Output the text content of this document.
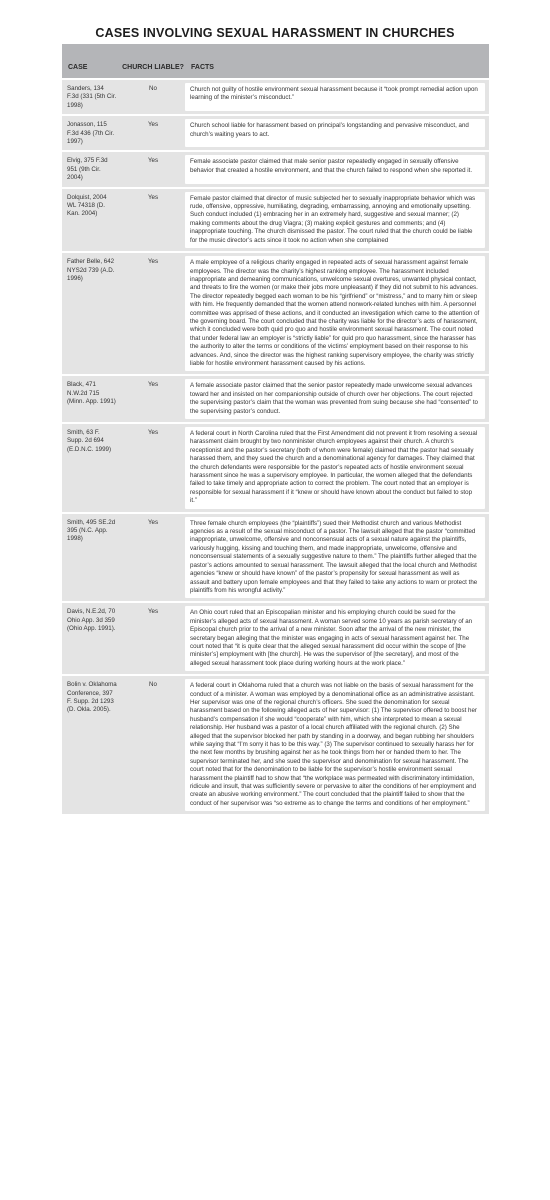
CASES INVOLVING SEXUAL HARASSMENT IN CHURCHES
CASE	CHURCH LIABLE?	FACTS
Sanders, 134 F.3d (331 (5th Cir. 1998)
No	Church not guilty of hostile environment sexual harassment because it “took prompt remedial action upon learning of the minister’s misconduct.”
Jonasson, 115 F.3d 436 (7th Cir. 1997)
Yes	Church school liable for harassment based on principal’s longstanding and pervasive misconduct, and church’s waiting years to act.
Elvig, 375 F.3d 951 (9th Cir. 2004)
Yes	Female associate pastor claimed that male senior pastor repeatedly engaged in sexually offensive behavior that created a hostile environment, and that the church failed to respond when she reported it.
Dolquist, 2004 WL 74318 (D. Kan. 2004)
Yes	Female pastor claimed that director of music subjected her to sexually inappropriate behavior which was rude, offensive, oppressive, humiliating, degrading, embarrassing, annoying and emotionally upsetting. Such conduct included (1) embracing her in an extremely hard, suggestive and sexual manner; (2) making comments about the drug Viagra; (3) making explicit gestures and comments; and (4) inappropriate touching. The church dismissed the pastor. The court ruled that the church could be liable for the music director’s acts since it took no action when she complained
Father Belle, 642 NYS2d 739 (A.D. 1996)
Yes	A male employee of a religious charity engaged in repeated acts of sexual harassment against female employees. The director was the charity’s highest ranking employee. The harassment included inappropriate and demeaning communications, unwelcome sexual overtures, unwanted physical contact, and threats to fire the women (or make their jobs more unpleasant) if they did not submit to his advances. The director repeatedly begged each woman to be his “girlfriend” or “mistress,” and to marry him or sleep with him. He frequently demanded that the women attend nonwork-related lunches with him. A personnel committee was apprised of these actions, and it conducted an investigation which came to the attention of the governing board. The court concluded that the charity was liable for the director’s acts of harassment, which it concluded were both quid pro quo and hostile environment sexual harassment. The court noted that under federal law an employer is “strictly liable” for quid pro quo harassment, since the harasser has the authority to alter the terms or conditions of the victims’ employment based on their response to his advances. And, since the director was the highest ranking supervisory employee, the charity was strictly liable for hostile environment harassment caused by his actions.
Black, 471 N.W.2d 715 (Minn. App. 1991)
Yes	A female associate pastor claimed that the senior pastor repeatedly made unwelcome sexual advances toward her and insisted on her companionship outside of church over her objections. The court rejected the supervising pastor’s claim that the woman was prevented from suing because she had “consented” to the supervising pastor’s conduct.
Smith, 63 F. Supp. 2d 694 (E.D.N.C. 1999)
Yes	A federal court in North Carolina ruled that the First Amendment did not prevent it from resolving a sexual harassment claim brought by two nonminister church employees against their church. A church’s receptionist and the pastor’s secretary (both of whom were female) claimed that the pastor had sexually harassed them, and they sued the church and a denominational agency for damages. They claimed that the church defendants were responsible for the pastor’s repeated acts of hostile environment sexual harassment since he was a supervisory employee. In particular, the women alleged that the defendants failed to take timely and appropriate action to correct the problem. The court noted that an employer is responsible for sexual harassment if it “knew or should have known about the conduct but failed to stop it.”
Smith, 495 SE.2d 395 (N.C. App. 1998)
Yes	Three female church employees (the “plaintiffs”) sued their Methodist church and various Methodist agencies as a result of the sexual misconduct of a pastor. The lawsuit alleged that the pastor “committed inappropriate, unwelcome, offensive and nonconsensual acts of a sexual nature against the plaintiffs, variously hugging, kissing and touching them, and made inappropriate, unwelcome, offensive and nonconsensual statements of a sexually suggestive nature to them.” The plaintiffs further alleged that the pastor’s actions amounted to sexual harassment. The lawsuit alleged that the local church and Methodist agencies “knew or should have known” of the pastor’s propensity for sexual harassment as well as assault and battery upon female employees and that they failed to take any actions to warn or protect the plaintiffs from his wrongful activity.”
Davis, N.E.2d, 70 Ohio App. 3d 359 (Ohio App. 1991).
Yes	An Ohio court ruled that an Episcopalian minister and his employing church could be sued for the minister’s alleged acts of sexual harassment. A woman served some 10 years as parish secretary of an Episcopal church prior to the arrival of a new minister. Soon after the arrival of the new minister, the secretary began alleging that the minister was engaging in acts of sexual harassment against her. The court noted that “it is quite clear that the alleged sexual harassment did occur within the scope of [the minister’s] employment with [the church]. He was the supervisor of [the secretary], and most of the alleged sexual harassment took place during working hours at the work place.”
Bolin v. Oklahoma Conference, 397 F. Supp. 2d 1293 (D. Okla. 2005).
No	A federal court in Oklahoma ruled that a church was not liable on the basis of sexual harassment for the conduct of a minister. A woman was employed by a denominational office as an administrative assistant. Her supervisor was one of the regional church’s officers. She sued the denomination for sexual harassment based on the following alleged acts of her supervisor: (1) The supervisor offered to boost her husband’s compensation if she would “cooperate” with him, which she interpreted to mean a sexual relationship. Her husband was a pastor of a local church affiliated with the regional church. (2) She alleged that the supervisor blocked her path by standing in a doorway, and began rubbing her shoulders while saying that “I’m sorry it has to be this way.” (3) The supervisor continued to sexually harass her for the next few months by brushing against her as he took things from her or handed them to her. The supervisor terminated her, and she sued the supervisor and denomination for sexual harassment. The court noted that for the denomination to be liable for the supervisor’s hostile environment sexual harassment the plaintiff had to show that “the workplace was permeated with discriminatory intimidation, ridicule and insult, that was sufficiently severe or pervasive to alter the conditions of her employment and create an abusive working environment.” The court concluded that the plaintiff failed to show that the conduct of her supervisor was “so extreme as to change the terms and conditions of her employment.”
